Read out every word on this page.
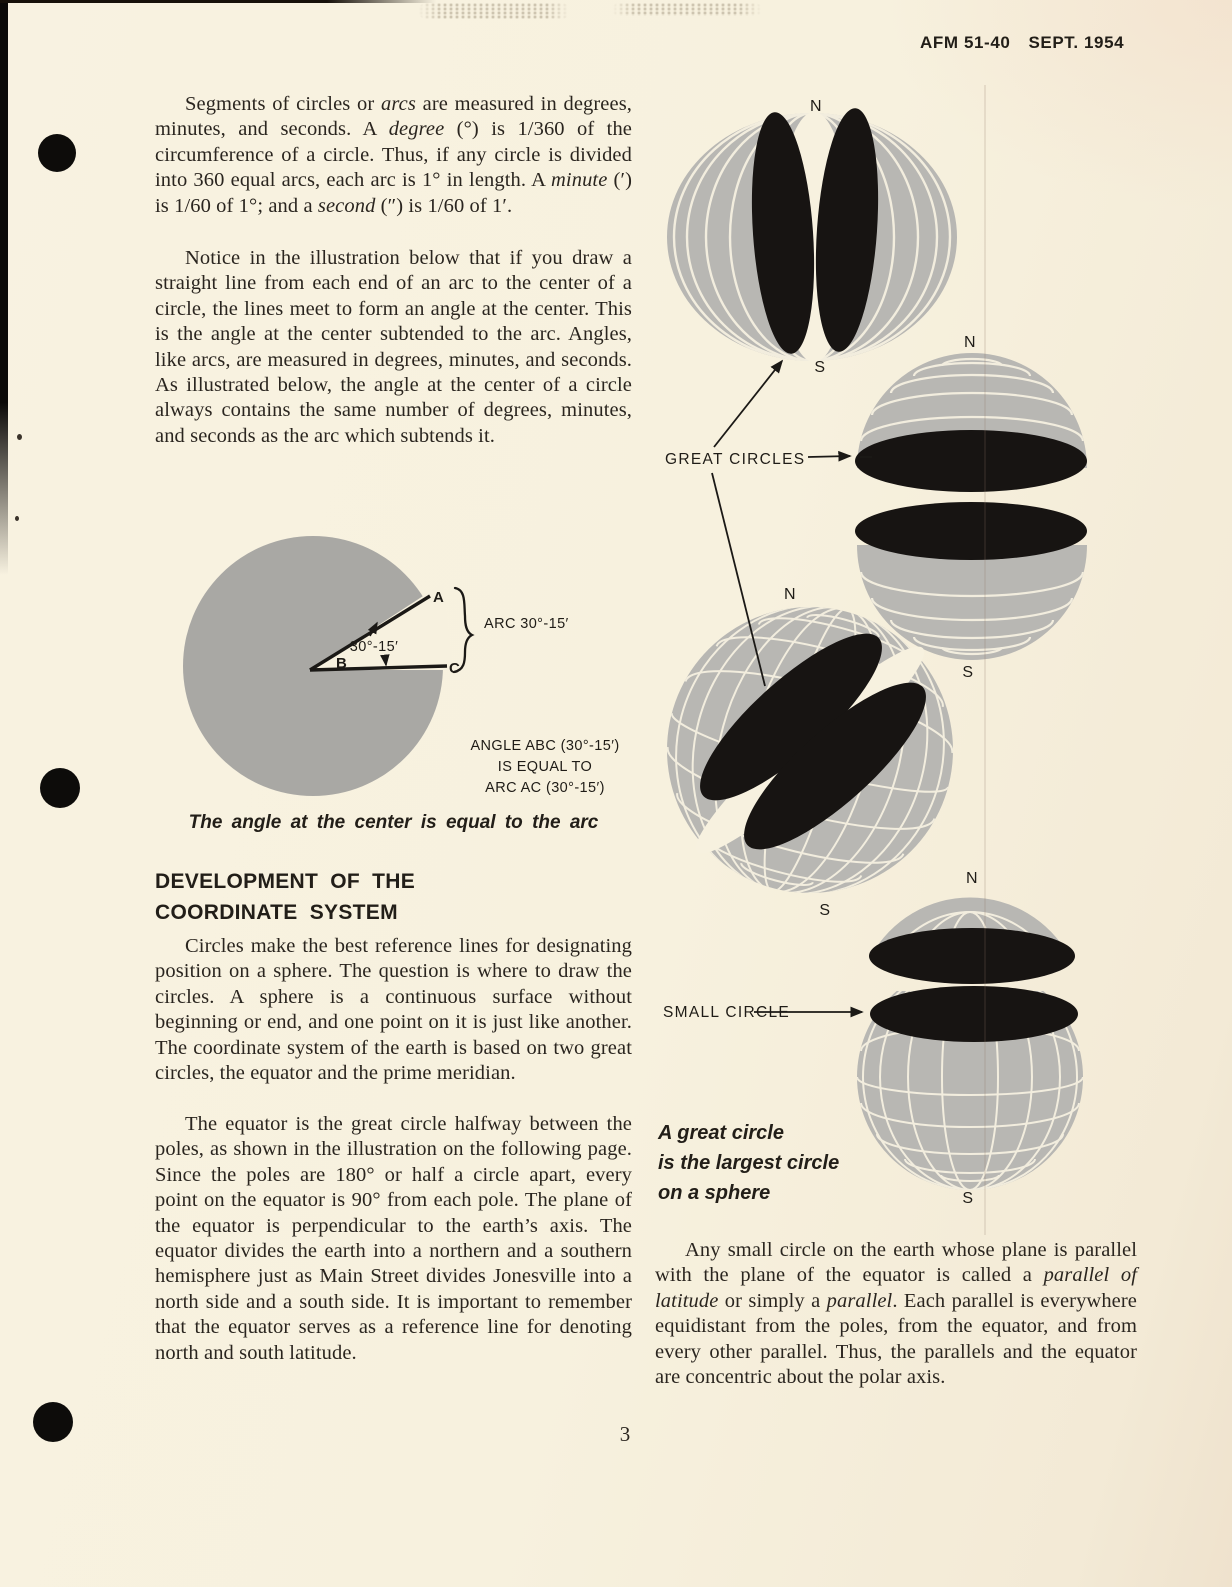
AFM 51-40 SEPT. 1954
Segments of circles or arcs are measured in degrees, minutes, and seconds. A degree (°) is 1/360 of the circumference of a circle. Thus, if any circle is divided into 360 equal arcs, each arc is 1° in length. A minute (′) is 1/60 of 1°; and a second (″) is 1/60 of 1′.
Notice in the illustration below that if you draw a straight line from each end of an arc to the center of a circle, the lines meet to form an angle at the center. This is the angle at the center subtended to the arc. Angles, like arcs, are measured in degrees, minutes, and seconds. As illustrated below, the angle at the center of a circle always contains the same number of degrees, minutes, and seconds as the arc which subtends it.
A
B	C
30°-15′
ARC 30°-15′
ANGLE ABC (30°-15′)
IS EQUAL TO
ARC AC (30°-15′)
The angle at the center is equal to the arc
DEVELOPMENT OF THE
COORDINATE SYSTEM
Circles make the best reference lines for designating position on a sphere. The question is where to draw the circles. A sphere is a continuous surface without beginning or end, and one point on it is just like another. The coordinate system of the earth is based on two great circles, the equator and the prime meridian.
The equator is the great circle halfway between the poles, as shown in the illustration on the following page. Since the poles are 180° or half a circle apart, every point on the equator is 90° from each pole. The plane of the equator is perpendicular to the earth’s axis. The equator divides the earth into a northern and a southern hemisphere just as Main Street divides Jonesville into a north side and a south side. It is important to remember that the equator serves as a reference line for denoting north and south latitude.
N
S
N
S
N
S
N
S
GREAT CIRCLES
SMALL CIRCLE
A great circle
is the largest circle
on a sphere
Any small circle on the earth whose plane is parallel with the plane of the equator is called a parallel of latitude or simply a parallel. Each parallel is everywhere equidistant from the poles, from the equator, and from every other parallel. Thus, the parallels and the equator are concentric about the polar axis.
3
